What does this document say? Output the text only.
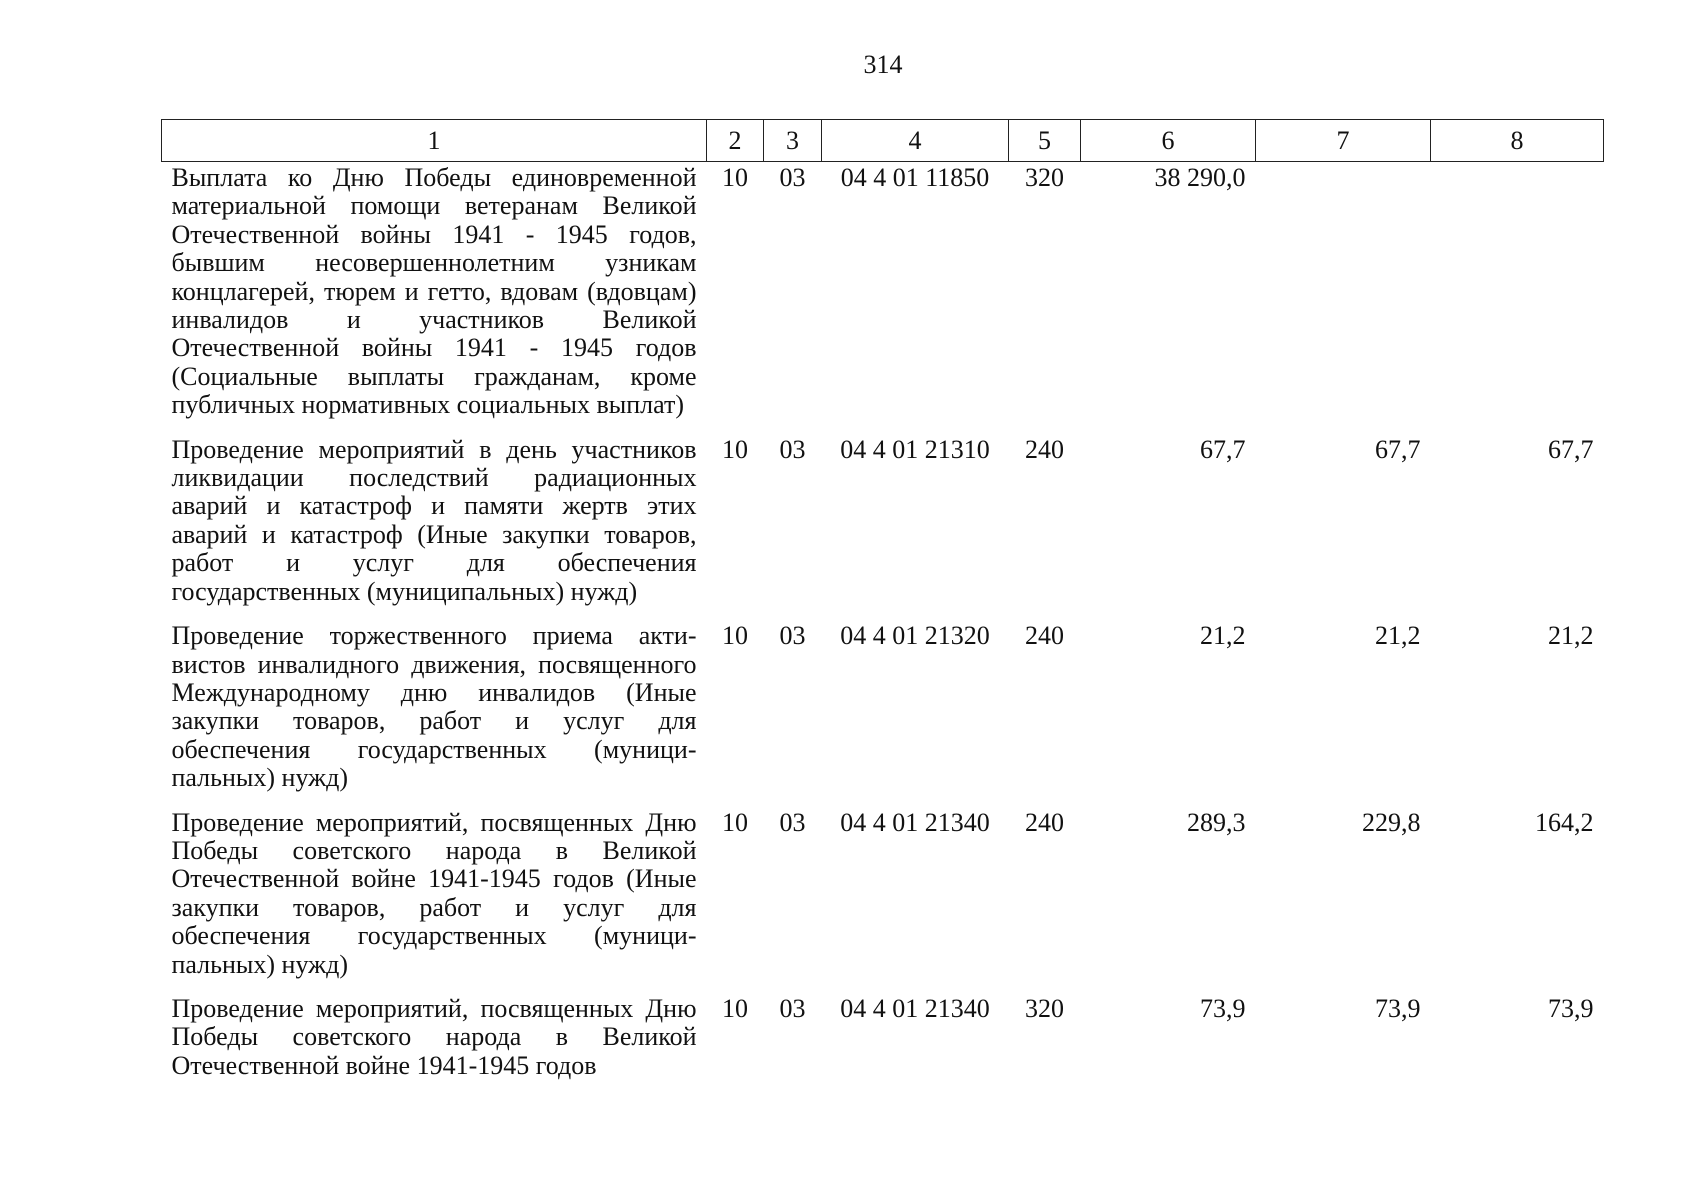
314
1	2	3	4	5	6	7	8
Выплата ко Дню Победы единовременной материальной помощи ветеранам Великой Отечественной войны 1941 - 1945 годов, бывшим несовершеннолетним узникам концлагерей, тюрем и гетто, вдовам (вдовцам) инвалидов и участников Великой Отечественной войны 1941 - 1945 годов (Социальные выплаты гражданам, кроме публичных нормативных социальных выплат)	10	03	04 4 01 11850	320	38 290,0		
Проведение мероприятий в день участников ликвидации последствий радиационных аварий и катастроф и памяти жертв этих аварий и катастроф (Иные закупки товаров, работ и услуг для обеспечения государственных (муниципальных) нужд)	10	03	04 4 01 21310	240	67,7	67,7	67,7
Проведение торжественного приема активистов инвалидного движения, посвященного Международному дню инвалидов (Иные закупки товаров, работ и услуг для обеспечения государственных (муниципальных) нужд)	10	03	04 4 01 21320	240	21,2	21,2	21,2
Проведение мероприятий, посвященных Дню Победы советского народа в Великой Отечественной войне 1941-1945 годов (Иные закупки товаров, работ и услуг для обеспечения государственных (муниципальных) нужд)	10	03	04 4 01 21340	240	289,3	229,8	164,2
Проведение мероприятий, посвященных Дню Победы советского народа в Великой Отечественной войне 1941-1945 годов	10	03	04 4 01 21340	320	73,9	73,9	73,9
